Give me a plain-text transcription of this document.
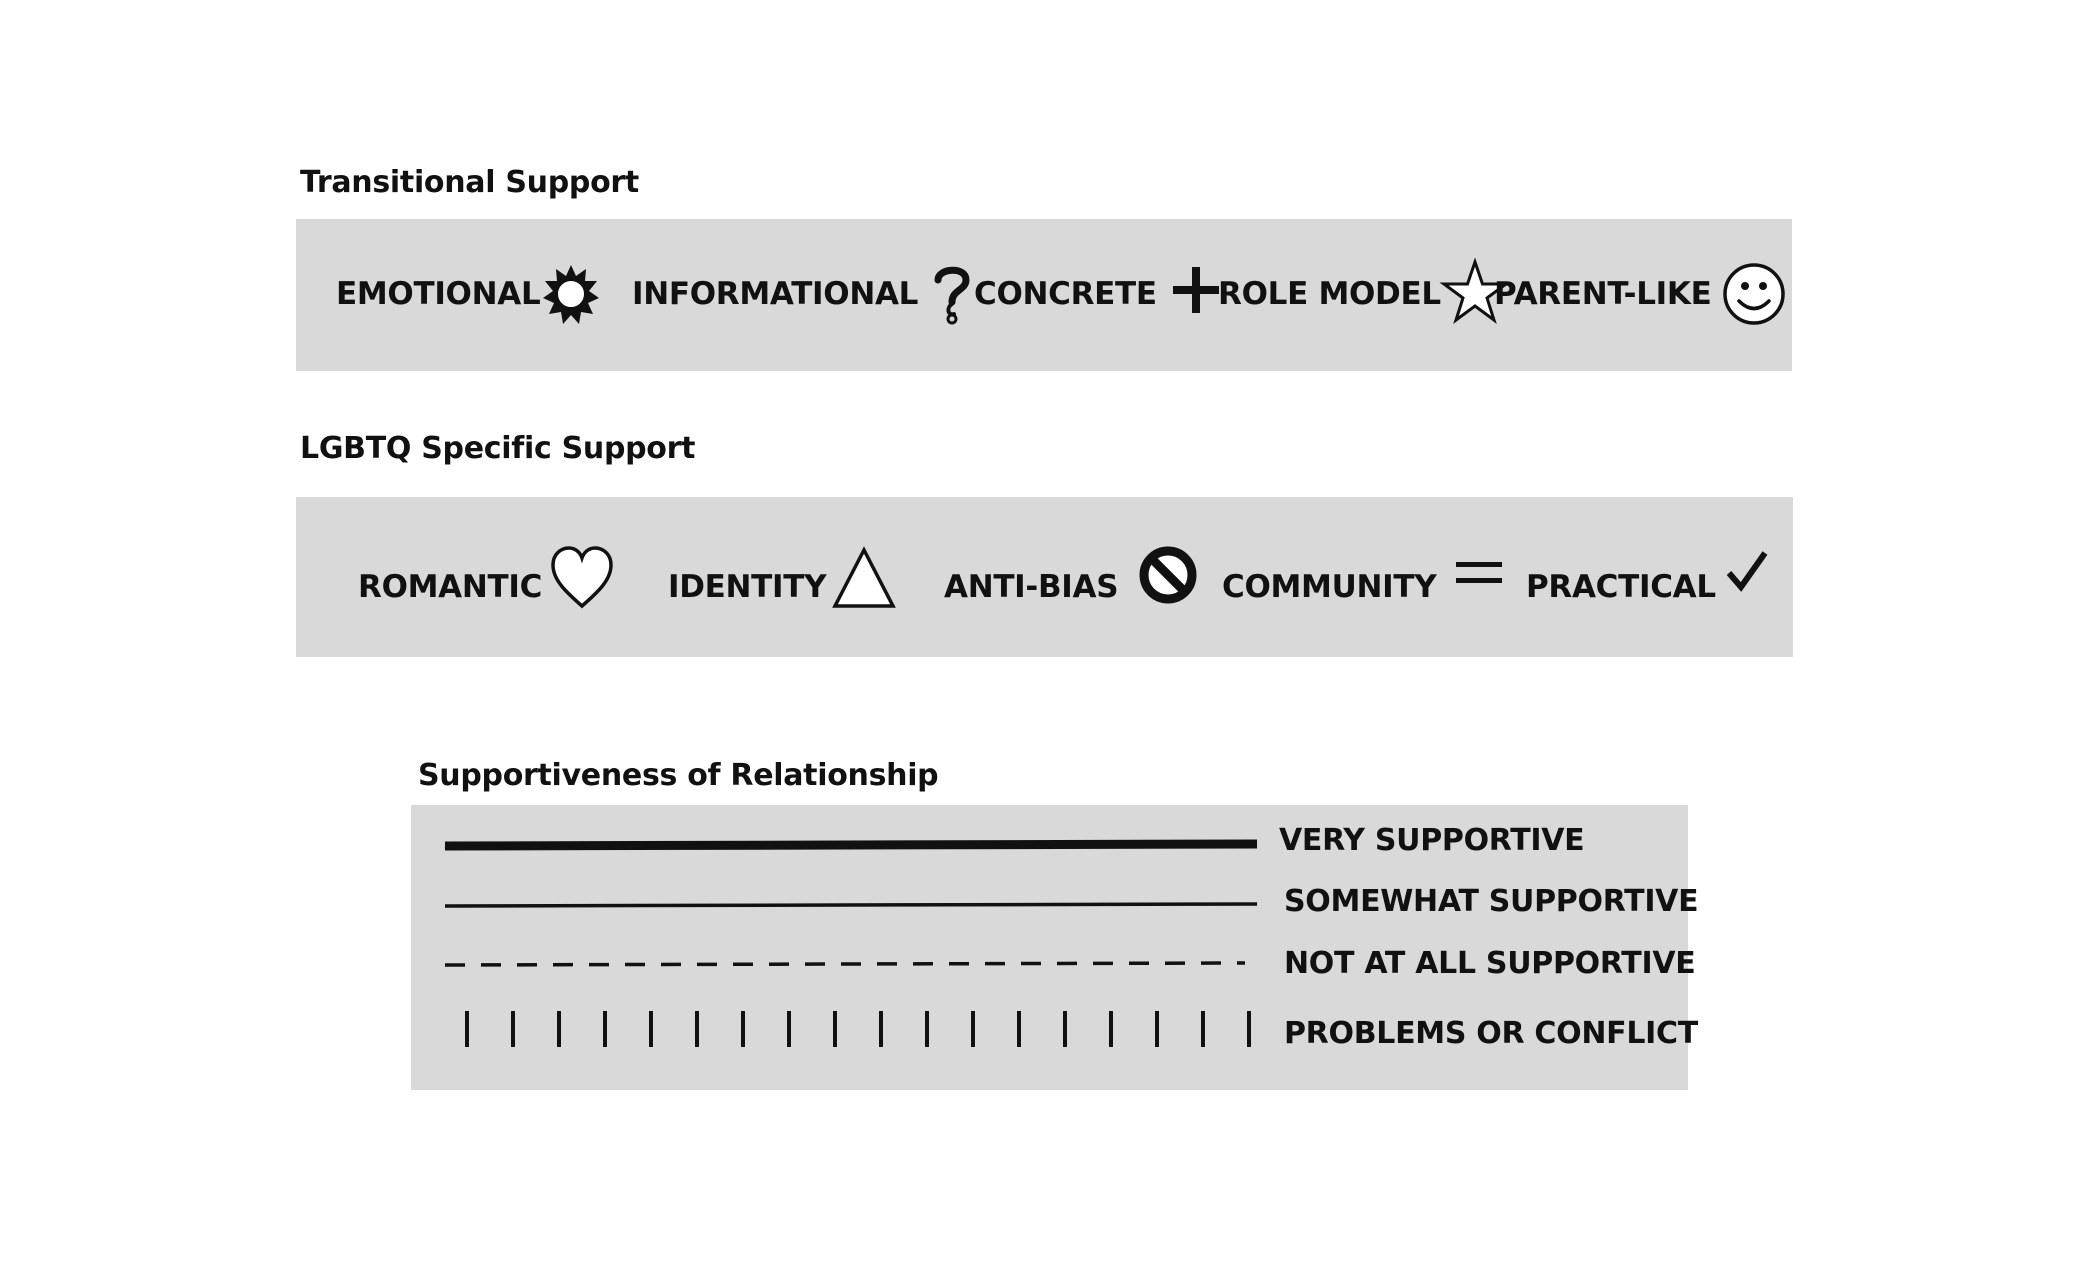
Transitional Support
EMOTIONAL	INFORMATIONAL CONCRETE ROLE MODEL PARENT-LIKE
LGBTQ Specific Support
ROMANTIC	IDENTITY	ANTI-BIAS	COMMUNITY	PRACTICAL
Supportiveness of Relationship
VERY SUPPORTIVE
SOMEWHAT SUPPORTIVE
NOT AT ALL SUPPORTIVE
PROBLEMS OR CONFLICT
